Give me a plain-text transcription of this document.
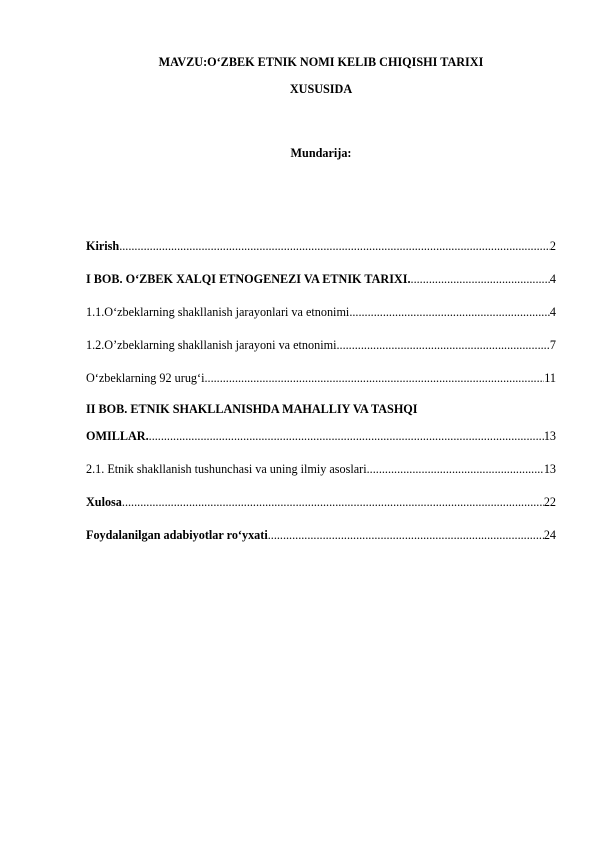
MAVZU:O‘ZBEK ETNIK NOMI KELIB CHIQISHI TARIXI
XUSUSIDA
Mundarija:
Kirish .....	2
I BOB. O‘ZBEK XALQI ETNOGENEZI VA ETNIK TARIXI. .....	4
1.1.O‘zbeklarning shakllanish jarayonlari va etnonimi .....	4
1.2.O’zbeklarning shakllanish jarayoni va etnonimi .....	7
O‘zbeklarning 92 urug‘i .....	11
II BOB. ETNIK SHAKLLANISHDA MAHALLIY VA TASHQI
OMILLAR. .....	13
2.1. Etnik shakllanish tushunchasi va uning ilmiy asoslari .....	13
Xulosa .....	22
Foydalanilgan adabiyotlar ro‘yxati .....	24
